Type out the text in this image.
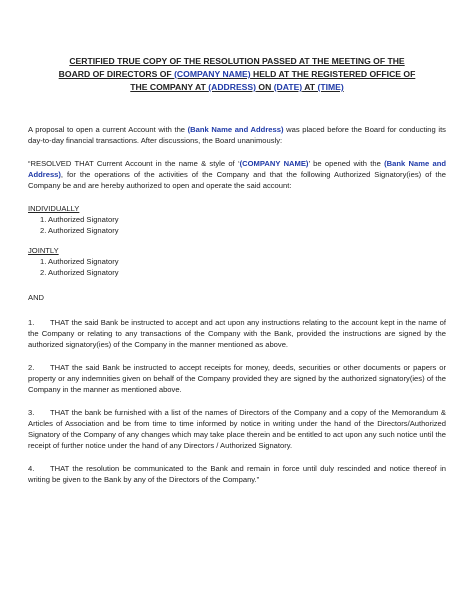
CERTIFIED TRUE COPY OF THE RESOLUTION PASSED AT THE MEETING OF THE
BOARD OF DIRECTORS OF (COMPANY NAME) HELD AT THE REGISTERED OFFICE OF
THE COMPANY AT (ADDRESS) ON (DATE) AT (TIME)

A proposal to open a current Account with the (Bank Name and Address) was placed before the Board for conducting its day-to-day financial transactions. After discussions, the Board unanimously:

“RESOLVED THAT Current Account in the name & style of ‘(COMPANY NAME)’ be opened with the (Bank Name and Address), for the operations of the activities of the Company and that the following Authorized Signatory(ies) of the Company be and are hereby authorized to open and operate the said account:

INDIVIDUALLY

1. Authorized Signatory
2. Authorized Signatory

JOINTLY

1. Authorized Signatory
2. Authorized Signatory

AND

1. THAT the said Bank be instructed to accept and act upon any instructions relating to the account kept in the name of the Company or relating to any transactions of the Company with the Bank, provided the instructions are signed by the authorized signatory(ies) of the Company in the manner mentioned as above.

2. THAT the said Bank be instructed to accept receipts for money, deeds, securities or other documents or papers or property or any indemnities given on behalf of the Company provided they are signed by the authorized signatory(ies) of the Company in the manner as mentioned above.

3. THAT the bank be furnished with a list of the names of Directors of the Company and a copy of the Memorandum & Articles of Association and be from time to time informed by notice in writing under the hand of the Directors/Authorized Signatory of the Company of any changes which may take place therein and be entitled to act upon any such notice until the receipt of further notice under the hand of any Directors / Authorized Signatory.

4. THAT the resolution be communicated to the Bank and remain in force until duly rescinded and notice thereof in writing be given to the Bank by any of the Directors of the Company.”
